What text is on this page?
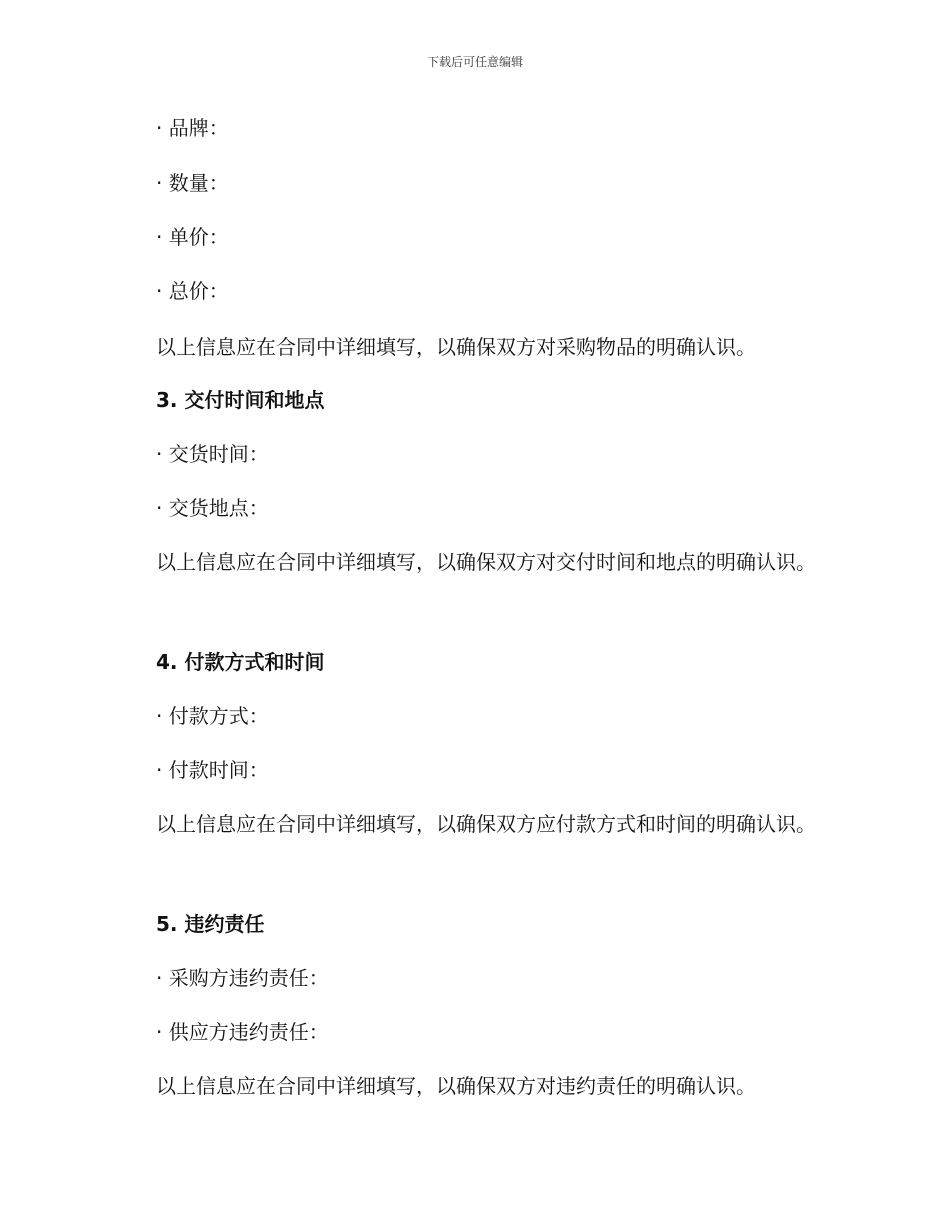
下载后可任意编辑
· 品牌：
· 数量：
· 单价：
· 总价：
以上信息应在合同中详细填写，以确保双方对采购物品的明确认识。
3. 交付时间和地点
· 交货时间：
· 交货地点：
以上信息应在合同中详细填写，以确保双方对交付时间和地点的明确认识。
4. 付款方式和时间
· 付款方式：
· 付款时间：
以上信息应在合同中详细填写，以确保双方应付款方式和时间的明确认识。
5. 违约责任
· 采购方违约责任：
· 供应方违约责任：
以上信息应在合同中详细填写，以确保双方对违约责任的明确认识。
